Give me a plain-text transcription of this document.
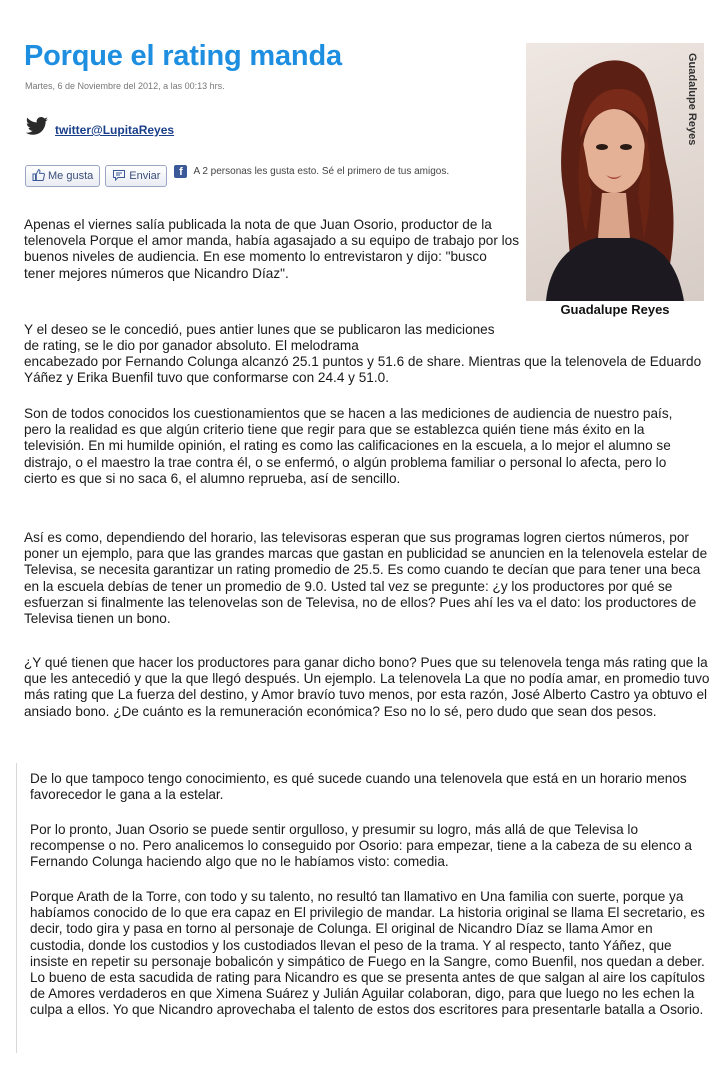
Porque el rating manda
Martes, 6 de Noviembre del 2012, a las 00:13 hrs.
twitter@LupitaReyes
Me gusta	Enviar	f	A 2 personas les gusta esto. Sé el primero de tus amigos.
Guadalupe Reyes
Guadalupe Reyes

Apenas el viernes salía publicada la nota de que Juan Osorio, productor de la telenovela Porque el amor manda, había agasajado a su equipo de trabajo por los buenos niveles de audiencia. En ese momento lo entrevistaron y dijo: "busco tener mejores números que Nicandro Díaz".

Y el deseo se le concedió, pues antier lunes que se publicaron las mediciones de rating, se le dio por ganador absoluto. El melodrama

encabezado por Fernando Colunga alcanzó 25.1 puntos y 51.6 de share. Mientras que la telenovela de Eduardo Yáñez y Erika Buenfil tuvo que conformarse con 24.4 y 51.0.

Son de todos conocidos los cuestionamientos que se hacen a las mediciones de audiencia de nuestro país, pero la realidad es que algún criterio tiene que regir para que se establezca quién tiene más éxito en la televisión. En mi humilde opinión, el rating es como las calificaciones en la escuela, a lo mejor el alumno se distrajo, o el maestro la trae contra él, o se enfermó, o algún problema familiar o personal lo afecta, pero lo cierto es que si no saca 6, el alumno reprueba, así de sencillo.

Así es como, dependiendo del horario, las televisoras esperan que sus programas logren ciertos números, por poner un ejemplo, para que las grandes marcas que gastan en publicidad se anuncien en la telenovela estelar de Televisa, se necesita garantizar un rating promedio de 25.5. Es como cuando te decían que para tener una beca en la escuela debías de tener un promedio de 9.0. Usted tal vez se pregunte: ¿y los productores por qué se esfuerzan si finalmente las telenovelas son de Televisa, no de ellos? Pues ahí les va el dato: los productores de Televisa tienen un bono.

¿Y qué tienen que hacer los productores para ganar dicho bono? Pues que su telenovela tenga más rating que la que les antecedió y que la que llegó después. Un ejemplo. La telenovela La que no podía amar, en promedio tuvo más rating que La fuerza del destino, y Amor bravío tuvo menos, por esta razón, José Alberto Castro ya obtuvo el ansiado bono. ¿De cuánto es la remuneración económica? Eso no lo sé, pero dudo que sean dos pesos.

De lo que tampoco tengo conocimiento, es qué sucede cuando una telenovela que está en un horario menos favorecedor le gana a la estelar.

Por lo pronto, Juan Osorio se puede sentir orgulloso, y presumir su logro, más allá de que Televisa lo recompense o no. Pero analicemos lo conseguido por Osorio: para empezar, tiene a la cabeza de su elenco a Fernando Colunga haciendo algo que no le habíamos visto: comedia.

Porque Arath de la Torre, con todo y su talento, no resultó tan llamativo en Una familia con suerte, porque ya habíamos conocido de lo que era capaz en El privilegio de mandar. La historia original se llama El secretario, es decir, todo gira y pasa en torno al personaje de Colunga. El original de Nicandro Díaz se llama Amor en custodia, donde los custodios y los custodiados llevan el peso de la trama. Y al respecto, tanto Yáñez, que insiste en repetir su personaje bobalicón y simpático de Fuego en la Sangre, como Buenfil, nos quedan a deber. Lo bueno de esta sacudida de rating para Nicandro es que se presenta antes de que salgan al aire los capítulos de Amores verdaderos en que Ximena Suárez y Julián Aguilar colaboran, digo, para que luego no les echen la culpa a ellos. Yo que Nicandro aprovechaba el talento de estos dos escritores para presentarle batalla a Osorio.
